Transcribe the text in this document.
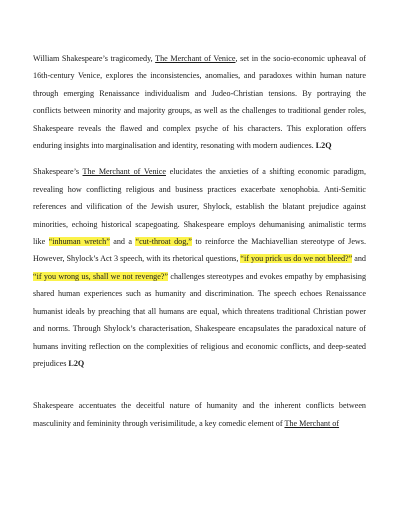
William Shakespeare’s tragicomedy, The Merchant of Venice, set in the socio-economic upheaval of 16th-century Venice, explores the inconsistencies, anomalies, and paradoxes within human nature through emerging Renaissance individualism and Judeo-Christian tensions. By portraying the conflicts between minority and majority groups, as well as the challenges to traditional gender roles, Shakespeare reveals the flawed and complex psyche of his characters. This exploration offers enduring insights into marginalisation and identity, resonating with modern audiences. L2Q

Shakespeare’s The Merchant of Venice elucidates the anxieties of a shifting economic paradigm, revealing how conflicting religious and business practices exacerbate xenophobia. Anti-Semitic references and vilification of the Jewish usurer, Shylock, establish the blatant prejudice against minorities, echoing historical scapegoating. Shakespeare employs dehumanising animalistic terms like “inhuman wretch” and a “cut-throat dog,” to reinforce the Machiavellian stereotype of Jews. However, Shylock’s Act 3 speech, with its rhetorical questions, “if you prick us do we not bleed?” and “if you wrong us, shall we not revenge?” challenges stereotypes and evokes empathy by emphasising shared human experiences such as humanity and discrimination. The speech echoes Renaissance humanist ideals by preaching that all humans are equal, which threatens traditional Christian power and norms. Through Shylock’s characterisation, Shakespeare encapsulates the paradoxical nature of humans inviting reflection on the complexities of religious and economic conflicts, and deep-seated prejudices L2Q

Shakespeare accentuates the deceitful nature of humanity and the inherent conflicts between masculinity and femininity through verisimilitude, a key comedic element of The Merchant of
